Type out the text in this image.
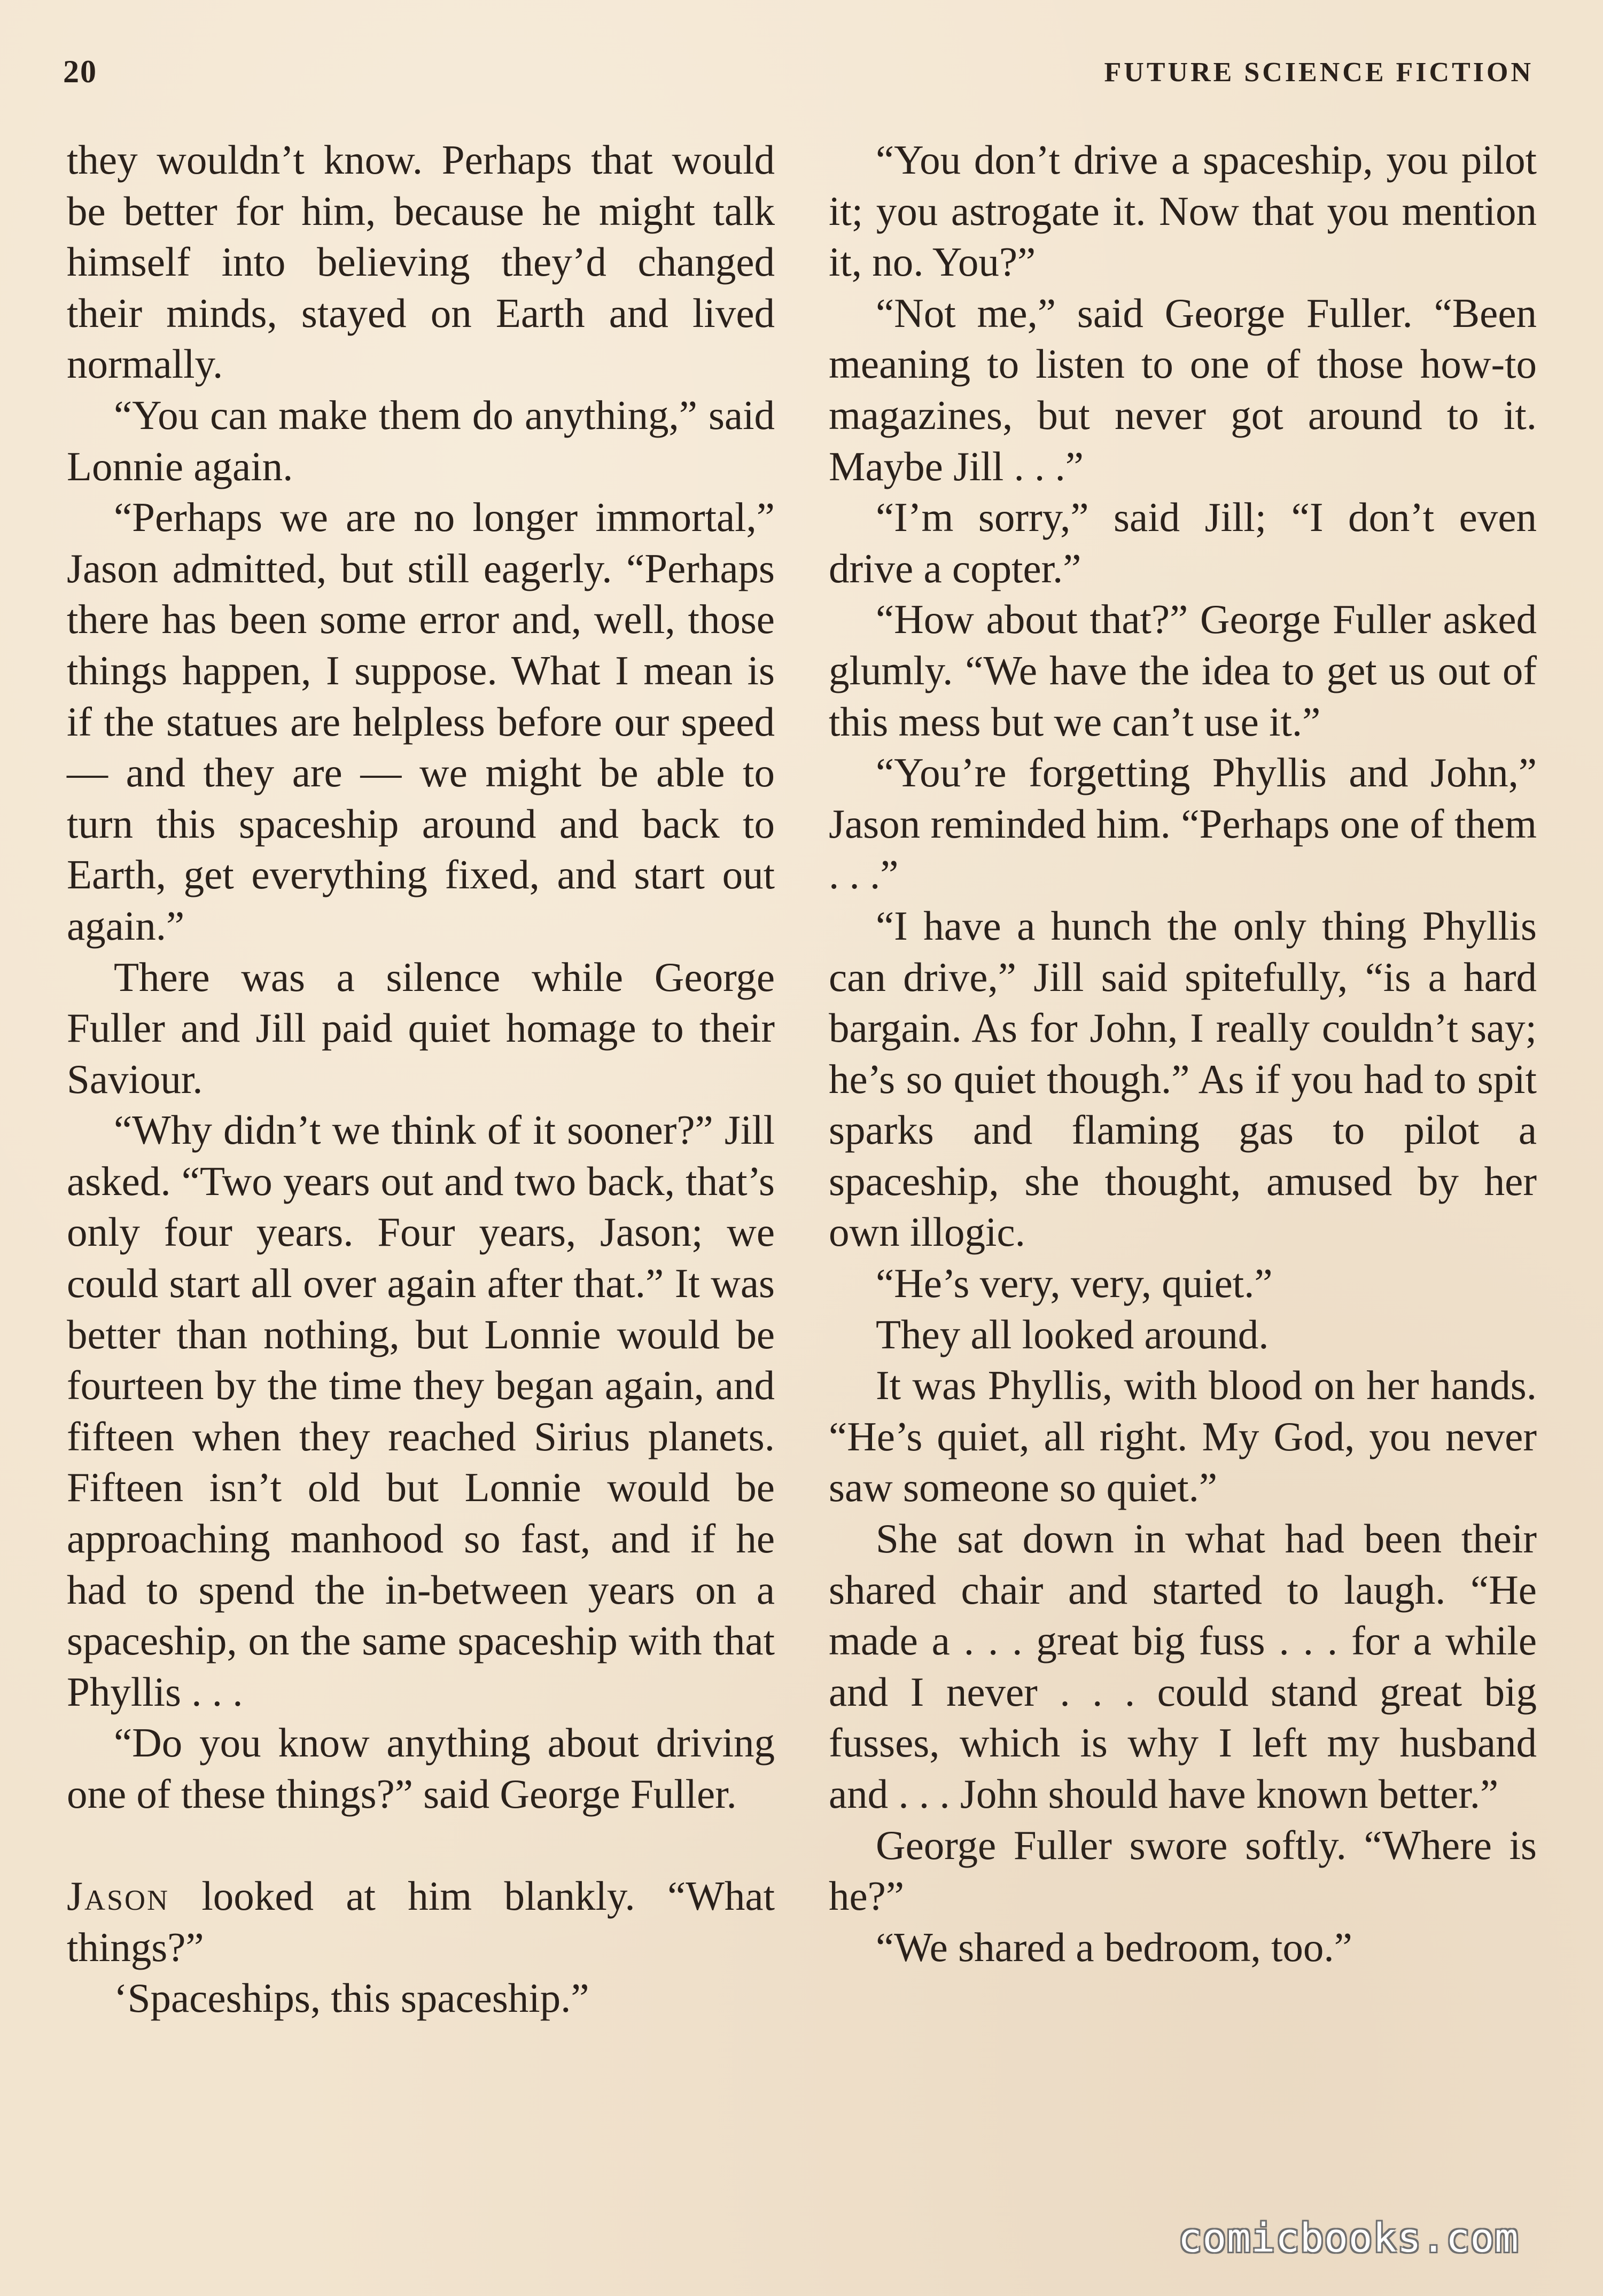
20	FUTURE SCIENCE FICTION

they wouldn’t know. Perhaps that would be better for him, because he might talk himself into believing they’d changed their minds, stayed on Earth and lived normally.

“You can make them do anything,” said Lonnie again.

“Perhaps we are no longer immortal,” Jason admitted, but still eagerly. “Perhaps there has been some error and, well, those things happen, I suppose. What I mean is if the statues are helpless before our speed — and they are — we might be able to turn this spaceship around and back to Earth, get everything fixed, and start out again.”

There was a silence while George Fuller and Jill paid quiet homage to their Saviour.

“Why didn’t we think of it sooner?” Jill asked. “Two years out and two back, that’s only four years. Four years, Jason; we could start all over again after that.” It was better than nothing, but Lonnie would be fourteen by the time they began again, and fifteen when they reached Sirius planets. Fifteen isn’t old but Lonnie would be approaching manhood so fast, and if he had to spend the in-between years on a spaceship, on the same spaceship with that Phyllis . . .

“Do you know anything about driving one of these things?” said George Fuller.

Jason looked at him blankly. “What things?”

‘Spaceships, this spaceship.”

“You don’t drive a spaceship, you pilot it; you astrogate it. Now that you mention it, no. You?”

“Not me,” said George Fuller. “Been meaning to listen to one of those how-to magazines, but never got around to it. Maybe Jill . . .”

“I’m sorry,” said Jill; “I don’t even drive a copter.”

“How about that?” George Fuller asked glumly. “We have the idea to get us out of this mess but we can’t use it.”

“You’re forgetting Phyllis and John,” Jason reminded him. “Perhaps one of them . . .”

“I have a hunch the only thing Phyllis can drive,” Jill said spitefully, “is a hard bargain. As for John, I really couldn’t say; he’s so quiet though.” As if you had to spit sparks and flaming gas to pilot a spaceship, she thought, amused by her own illogic.

“He’s very, very, quiet.”

They all looked around.

It was Phyllis, with blood on her hands. “He’s quiet, all right. My God, you never saw someone so quiet.”

She sat down in what had been their shared chair and started to laugh. “He made a . . . great big fuss . . . for a while and I never . . . could stand great big fusses, which is why I left my husband and . . . John should have known better.”

George Fuller swore softly. “Where is he?”

“We shared a bedroom, too.”

comicbooks.com
